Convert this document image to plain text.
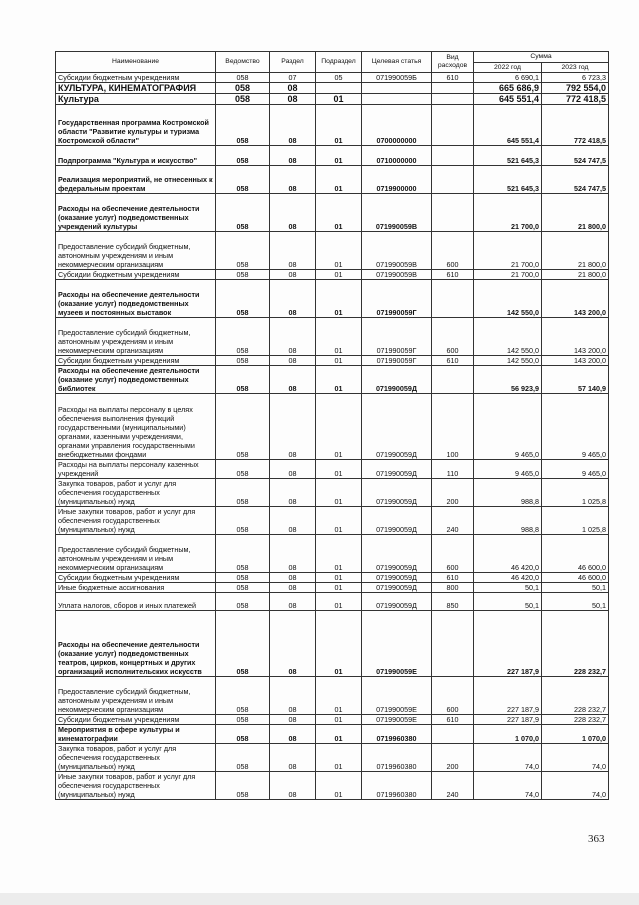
Наименование	Ведомство	Раздел	Подраздел	Целевая статья	Вид расходов	Сумма	
						2022 год	2023 год
Субсидии бюджетным учреждениям	058	07	05	071990059Б	610	6 690,1	6 723,3
КУЛЬТУРА, КИНЕМАТОГРАФИЯ	058	08				665 686,9	792 554,0
Культура	058	08	01			645 551,4	772 418,5
Государственная программа Костромской области "Развитие культуры и туризма Костромской области"	058	08	01	0700000000		645 551,4	772 418,5
Подпрограмма "Культура и искусство"	058	08	01	0710000000		521 645,3	524 747,5
Реализация мероприятий, не отнесенных к федеральным проектам	058	08	01	0719900000		521 645,3	524 747,5
Расходы на обеспечение деятельности (оказание услуг) подведомственных учреждений культуры	058	08	01	071990059В		21 700,0	21 800,0
Предоставление субсидий бюджетным, автономным учреждениям и иным некоммерческим организациям	058	08	01	071990059В	600	21 700,0	21 800,0
Субсидии бюджетным учреждениям	058	08	01	071990059В	610	21 700,0	21 800,0
Расходы на обеспечение деятельности (оказание услуг) подведомственных музеев и постоянных выставок	058	08	01	071990059Г		142 550,0	143 200,0
Предоставление субсидий бюджетным, автономным учреждениям и иным некоммерческим организациям	058	08	01	071990059Г	600	142 550,0	143 200,0
Субсидии бюджетным учреждениям	058	08	01	071990059Г	610	142 550,0	143 200,0
Расходы на обеспечение деятельности (оказание услуг) подведомственных библиотек	058	08	01	071990059Д		56 923,9	57 140,9
Расходы на выплаты персоналу в целях обеспечения выполнения функций государственными (муниципальными) органами, казенными учреждениями, органами управления государственными внебюджетными фондами	058	08	01	071990059Д	100	9 465,0	9 465,0
Расходы на выплаты персоналу казенных учреждений	058	08	01	071990059Д	110	9 465,0	9 465,0
Закупка товаров, работ и услуг для обеспечения государственных (муниципальных) нужд	058	08	01	071990059Д	200	988,8	1 025,8
Иные закупки товаров, работ и услуг для обеспечения государственных (муниципальных) нужд	058	08	01	071990059Д	240	988,8	1 025,8
Предоставление субсидий бюджетным, автономным учреждениям и иным некоммерческим организациям	058	08	01	071990059Д	600	46 420,0	46 600,0
Субсидии бюджетным учреждениям	058	08	01	071990059Д	610	46 420,0	46 600,0
Иные бюджетные ассигнования	058	08	01	071990059Д	800	50,1	50,1
Уплата налогов, сборов и иных платежей	058	08	01	071990059Д	850	50,1	50,1
Расходы на обеспечение деятельности (оказание услуг) подведомственных театров, цирков, концертных и других организаций исполнительских искусств	058	08	01	071990059Е		227 187,9	228 232,7
Предоставление субсидий бюджетным, автономным учреждениям и иным некоммерческим организациям	058	08	01	071990059Е	600	227 187,9	228 232,7
Субсидии бюджетным учреждениям	058	08	01	071990059Е	610	227 187,9	228 232,7
Мероприятия в сфере культуры и кинематографии	058	08	01	0719960380		1 070,0	1 070,0
Закупка товаров, работ и услуг для обеспечения государственных (муниципальных) нужд	058	08	01	0719960380	200	74,0	74,0
Иные закупки товаров, работ и услуг для обеспечения государственных (муниципальных) нужд	058	08	01	0719960380	240	74,0	74,0
363
